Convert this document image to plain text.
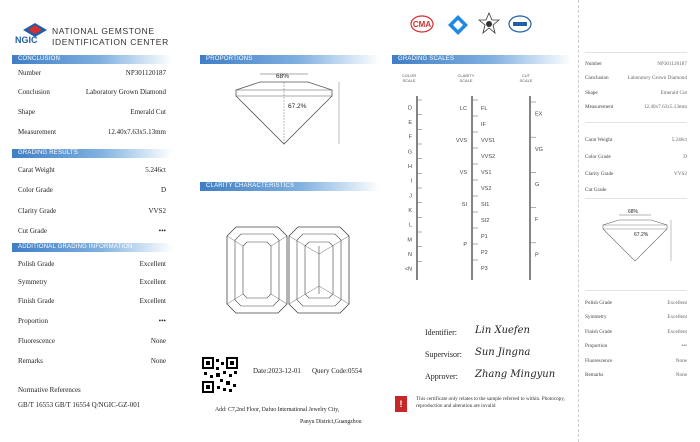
NGIC
NATIONAL GEMSTONE
IDENTIFICATION CENTER
CONCLUSION
Number	NP301120187
Conclusion	Laboratory Grown Diamond
Shape	Emerald Cut
Measurement	12.40x7.63x5.13mm
GRADING RESULTS
Carat Weight	5.246ct
Color Grade	D
Clarity Grade	VVS2
Cut Grade	•••
ADDITIONAL GRADING INFORMATION
Polish Grade	Excellent
Symmetry	Excellent
Finish Grade	Excellent
Proportion	•••
Fluorescence	None
Remarks	None
Normative References
GB/T 16553 GB/T 16554 Q/NGIC-GZ-001
PROPORTIONS
68%
67.2%
CLARITY CHARACTERISTICS
Date:2023-12-01 Query Code:0554
Add: C7,2nd Floor, Dafuo International Jewelry City,
Panyu District,Guangzhou
CMA
GRADING SCALES
D
E
F
G
H
I
J
K
L
M
N
<N
FL
IF
VVS1
VVS2
VS1
VS2
SI1
SI2
P1
P2
P3
LC
VVS
VS
SI
P
EX
VG
G
F
P
COLOR SCALE
CLARITY SCALE
CUT SCALE
Identifier: Lin Xuefen
Supervisor: Sun Jingna
Approver: Zhang Mingyun
!	This certificate only relates to the sample referred to within. Photocopy, reproduction and alteration are invalid
Number	NP301120187
Conclusion	Laboratory Grown Diamond
Shape	Emerald Cut
Measurement	12.40x7.63x5.13mm
Carat Weight	5.246ct
Color Grade	D
Clarity Grade	VVS2
Cut Grade
68%
67.2%
Polish Grade	Excellent
Symmetry	Excellent
Finish Grade	Excellent
Proportion	•••
Fluorescence	None
Remarks	None
